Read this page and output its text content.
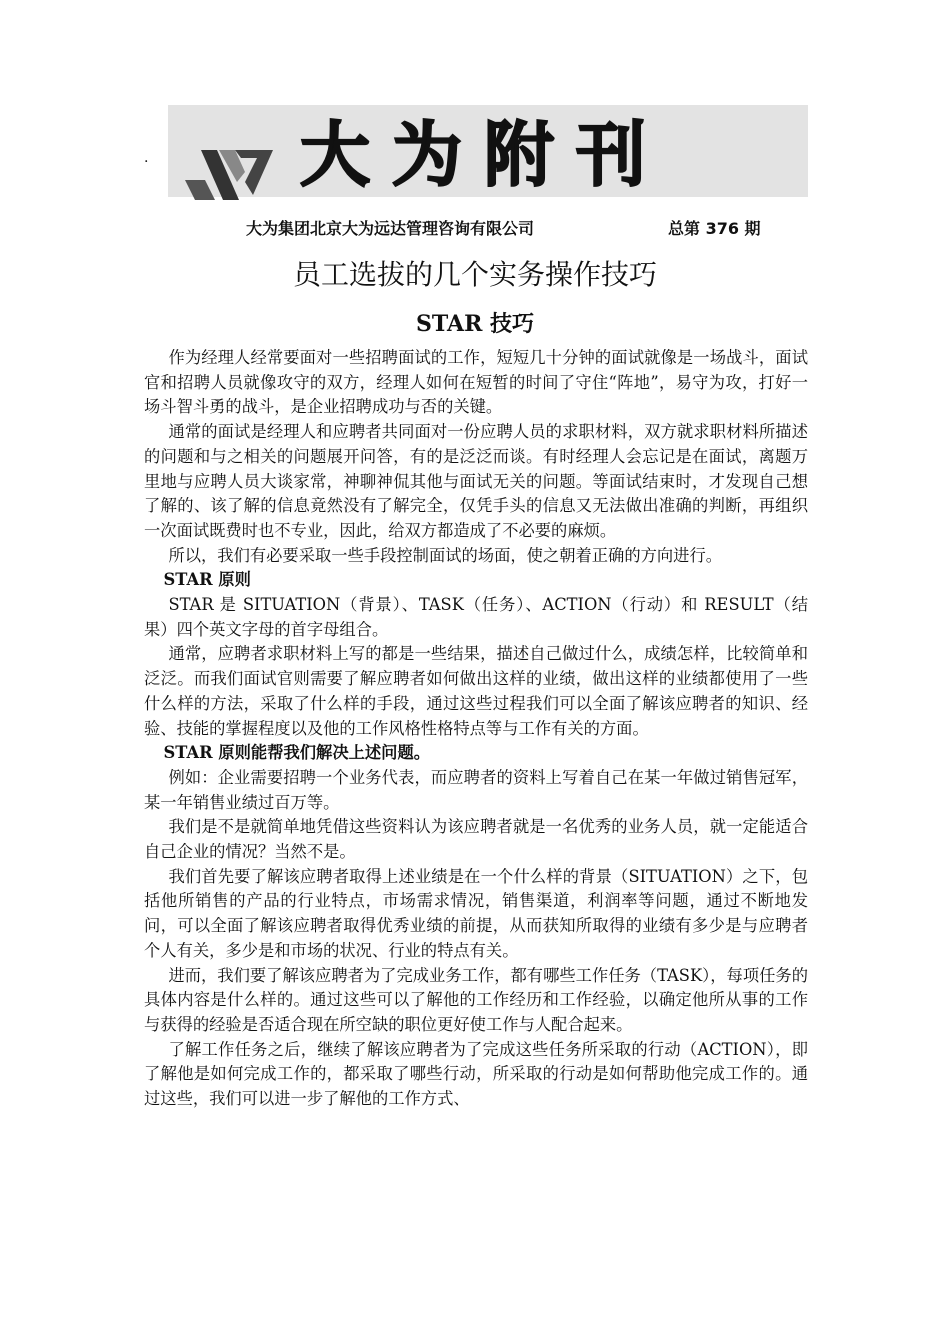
. 大为附刊
大为集团北京大为远达管理咨询有限公司	总第 376 期
员工选拔的几个实务操作技巧
STAR 技巧

作为经理人经常要面对一些招聘面试的工作，短短几十分钟的面试就像是一场战斗，面试官和招聘人员就像攻守的双方，经理人如何在短暂的时间了守住“阵地”，易守为攻，打好一场斗智斗勇的战斗，是企业招聘成功与否的关键。

通常的面试是经理人和应聘者共同面对一份应聘人员的求职材料，双方就求职材料所描述的问题和与之相关的问题展开问答，有的是泛泛而谈。有时经理人会忘记是在面试，离题万里地与应聘人员大谈家常，神聊神侃其他与面试无关的问题。等面试结束时，才发现自己想了解的、该了解的信息竟然没有了解完全，仅凭手头的信息又无法做出准确的判断，再组织一次面试既费时也不专业，因此，给双方都造成了不必要的麻烦。

所以，我们有必要采取一些手段控制面试的场面，使之朝着正确的方向进行。

STAR 原则

STAR 是 SITUATION（背景）、TASK（任务）、ACTION（行动）和 RESULT（结果）四个英文字母的首字母组合。

通常，应聘者求职材料上写的都是一些结果，描述自己做过什么，成绩怎样，比较简单和泛泛。而我们面试官则需要了解应聘者如何做出这样的业绩，做出这样的业绩都使用了一些什么样的方法，采取了什么样的手段，通过这些过程我们可以全面了解该应聘者的知识、经验、技能的掌握程度以及他的工作风格性格特点等与工作有关的方面。

STAR 原则能帮我们解决上述问题。

例如：企业需要招聘一个业务代表，而应聘者的资料上写着自己在某一年做过销售冠军，某一年销售业绩过百万等。

我们是不是就简单地凭借这些资料认为该应聘者就是一名优秀的业务人员，就一定能适合自己企业的情况？当然不是。

我们首先要了解该应聘者取得上述业绩是在一个什么样的背景（SITUATION）之下，包括他所销售的产品的行业特点，市场需求情况，销售渠道，利润率等问题，通过不断地发问，可以全面了解该应聘者取得优秀业绩的前提，从而获知所取得的业绩有多少是与应聘者个人有关，多少是和市场的状况、行业的特点有关。

进而，我们要了解该应聘者为了完成业务工作，都有哪些工作任务（TASK），每项任务的具体内容是什么样的。通过这些可以了解他的工作经历和工作经验，以确定他所从事的工作与获得的经验是否适合现在所空缺的职位更好使工作与人配合起来。

了解工作任务之后，继续了解该应聘者为了完成这些任务所采取的行动（ACTION），即了解他是如何完成工作的，都采取了哪些行动，所采取的行动是如何帮助他完成工作的。通过这些，我们可以进一步了解他的工作方式、
